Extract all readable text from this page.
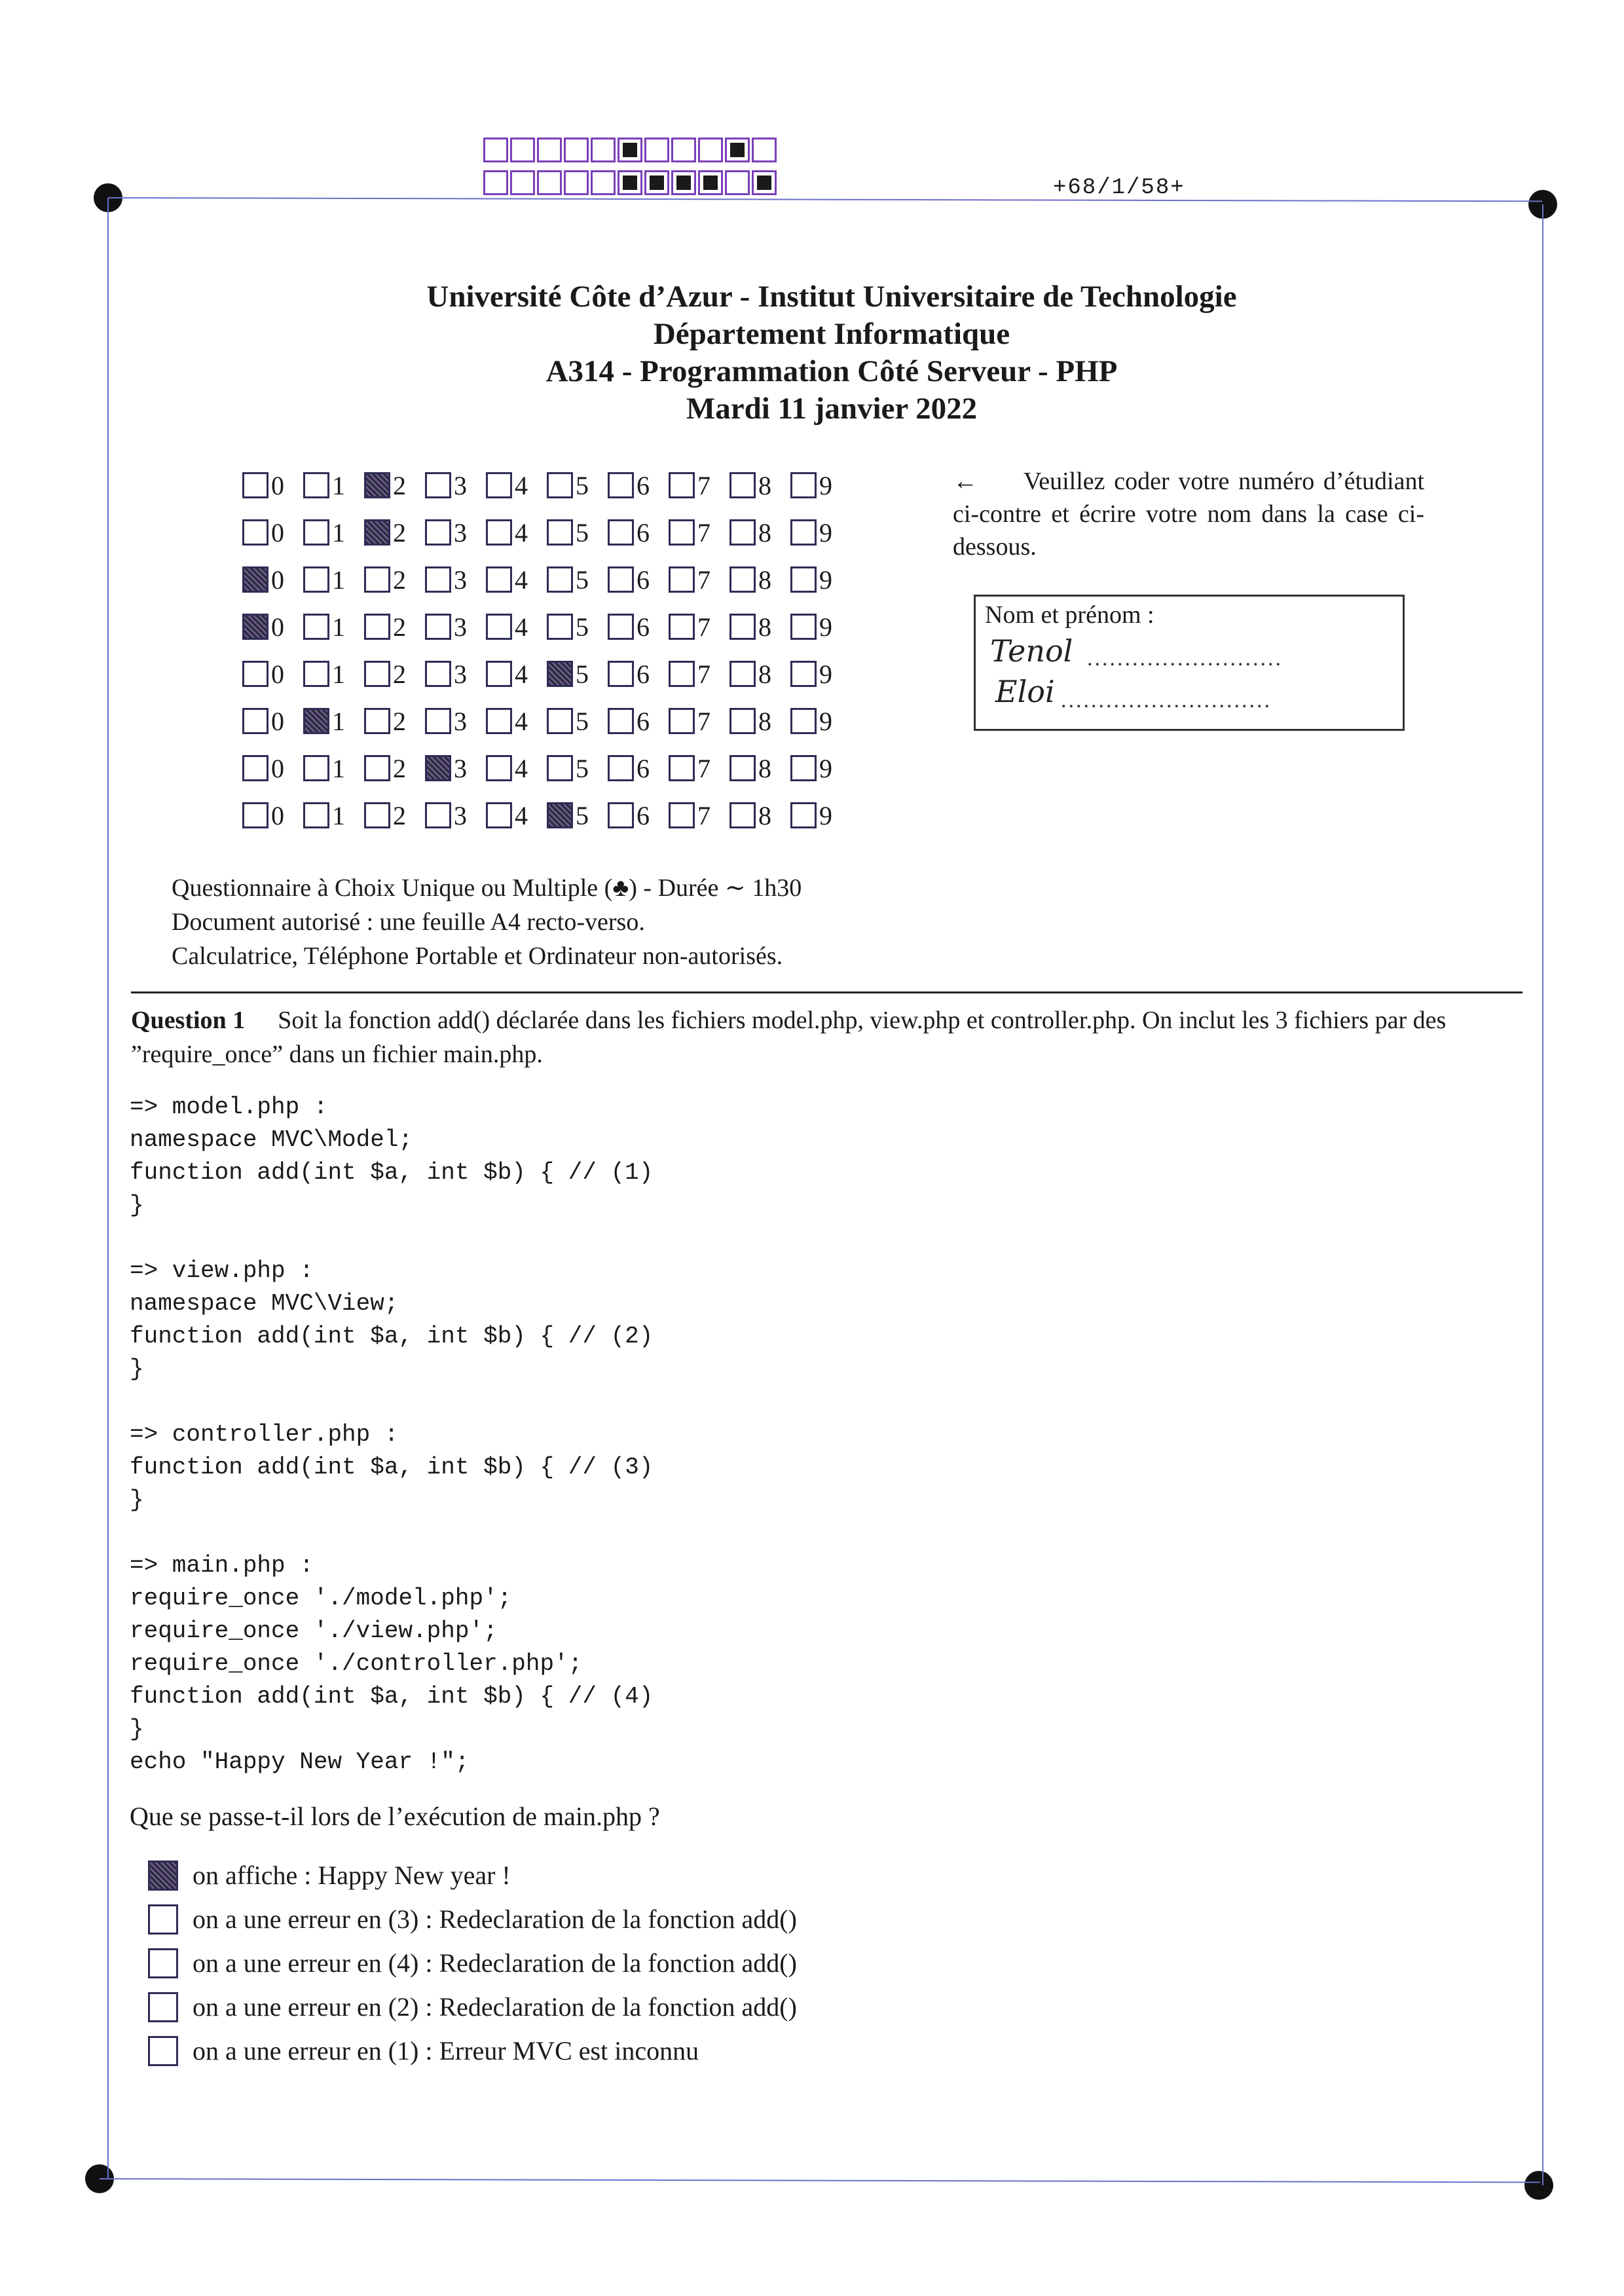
+68/1/58+
Université Côte d’Azur - Institut Universitaire de Technologie
Département Informatique
A314 - Programmation Côté Serveur - PHP
Mardi 11 janvier 2022
0 1 2 3 4 5 6 7 8 9
0 1 2 3 4 5 6 7 8 9
0 1 2 3 4 5 6 7 8 9
0 1 2 3 4 5 6 7 8 9
0 1 2 3 4 5 6 7 8 9
0 1 2 3 4 5 6 7 8 9
0 1 2 3 4 5 6 7 8 9
0 1 2 3 4 5 6 7 8 9
← Veuillez coder votre numéro d’étudiant ci-contre et écrire votre nom dans la case ci-dessous.
Nom et prénom :
..........................
............................
Tenol
Eloi
Questionnaire à Choix Unique ou Multiple (♣) - Durée ∼ 1h30
Document autorisé : une feuille A4 recto-verso.
Calculatrice, Téléphone Portable et Ordinateur non-autorisés.
Question 1 Soit la fonction add() déclarée dans les fichiers model.php, view.php et controller.php. On inclut les 3 fichiers par des ”require_once” dans un fichier main.php.
=> model.php :
namespace MVC\Model;
function add(int $a, int $b) { // (1)
}

=> view.php :
namespace MVC\View;
function add(int $a, int $b) { // (2)
}

=> controller.php :
function add(int $a, int $b) { // (3)
}

=> main.php :
require_once './model.php';
require_once './view.php';
require_once './controller.php';
function add(int $a, int $b) { // (4)
}
echo "Happy New Year !";
Que se passe-t-il lors de l’exécution de main.php ?
on affiche : Happy New year !
on a une erreur en (3) : Redeclaration de la fonction add()
on a une erreur en (4) : Redeclaration de la fonction add()
on a une erreur en (2) : Redeclaration de la fonction add()
on a une erreur en (1) : Erreur MVC est inconnu
